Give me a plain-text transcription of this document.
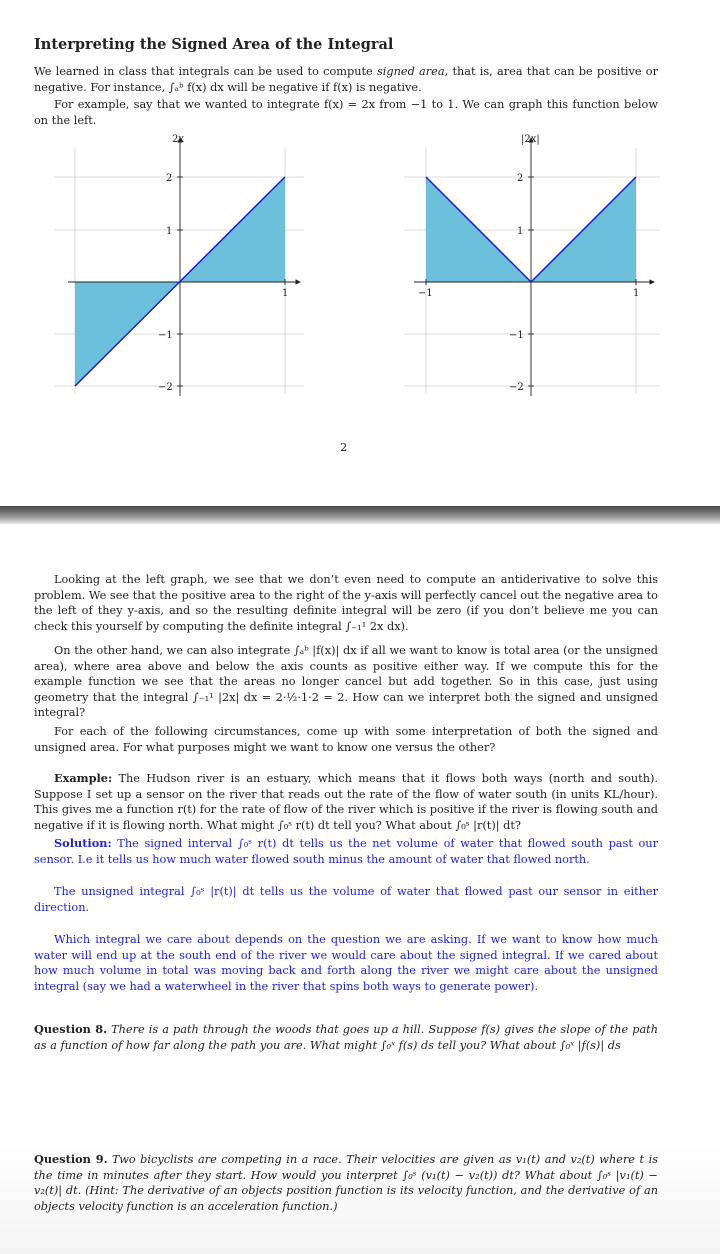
Interpreting the Signed Area of the Integral
We learned in class that integrals can be used to compute signed area, that is, area that can be positive or negative. For instance, ∫ₐᵇ f(x) dx will be negative if f(x) is negative.
For example, say that we wanted to integrate f(x) = 2x from −1 to 1. We can graph this function below on the left.
2x
2
1
−1
−2
1
|2x|
2
1
−1
−2
−1	1
2
Looking at the left graph, we see that we don’t even need to compute an antiderivative to solve this problem. We see that the positive area to the right of the y-axis will perfectly cancel out the negative area to the left of they y-axis, and so the resulting definite integral will be zero (if you don’t believe me you can check this yourself by computing the definite integral ∫₋₁¹ 2x dx).
On the other hand, we can also integrate ∫ₐᵇ |f(x)| dx if all we want to know is total area (or the unsigned area), where area above and below the axis counts as positive either way. If we compute this for the example function we see that the areas no longer cancel but add together. So in this case, just using geometry that the integral ∫₋₁¹ |2x| dx = 2·½·1·2 = 2. How can we interpret both the signed and unsigned integral?
For each of the following circumstances, come up with some interpretation of both the signed and unsigned area. For what purposes might we want to know one versus the other?
Example: The Hudson river is an estuary, which means that it flows both ways (north and south). Suppose I set up a sensor on the river that reads out the rate of the flow of water south (in units KL/hour). This gives me a function r(t) for the rate of flow of the river which is positive if the river is flowing south and negative if it is flowing north. What might ∫₀ˢ r(t) dt tell you? What about ∫₀ˢ |r(t)| dt?
Solution: The signed interval ∫₀ˢ r(t) dt tells us the net volume of water that flowed south past our sensor. I.e it tells us how much water flowed south minus the amount of water that flowed north.
The unsigned integral ∫₀ˢ |r(t)| dt tells us the volume of water that flowed past our sensor in either direction.
Which integral we care about depends on the question we are asking. If we want to know how much water will end up at the south end of the river we would care about the signed integral. If we cared about how much volume in total was moving back and forth along the river we might care about the unsigned integral (say we had a waterwheel in the river that spins both ways to generate power).
Question 8. There is a path through the woods that goes up a hill. Suppose f(s) gives the slope of the path as a function of how far along the path you are. What might ∫₀ˣ f(s) ds tell you? What about ∫₀ˣ |f(s)| ds
Question 9. Two bicyclists are competing in a race. Their velocities are given as v₁(t) and v₂(t) where t is the time in minutes after they start. How would you interpret ∫₀ˢ (v₁(t) − v₂(t)) dt? What about ∫₀ˢ |v₁(t) − v₂(t)| dt. (Hint: The derivative of an objects position function is its velocity function, and the derivative of an objects velocity function is an acceleration function.)
